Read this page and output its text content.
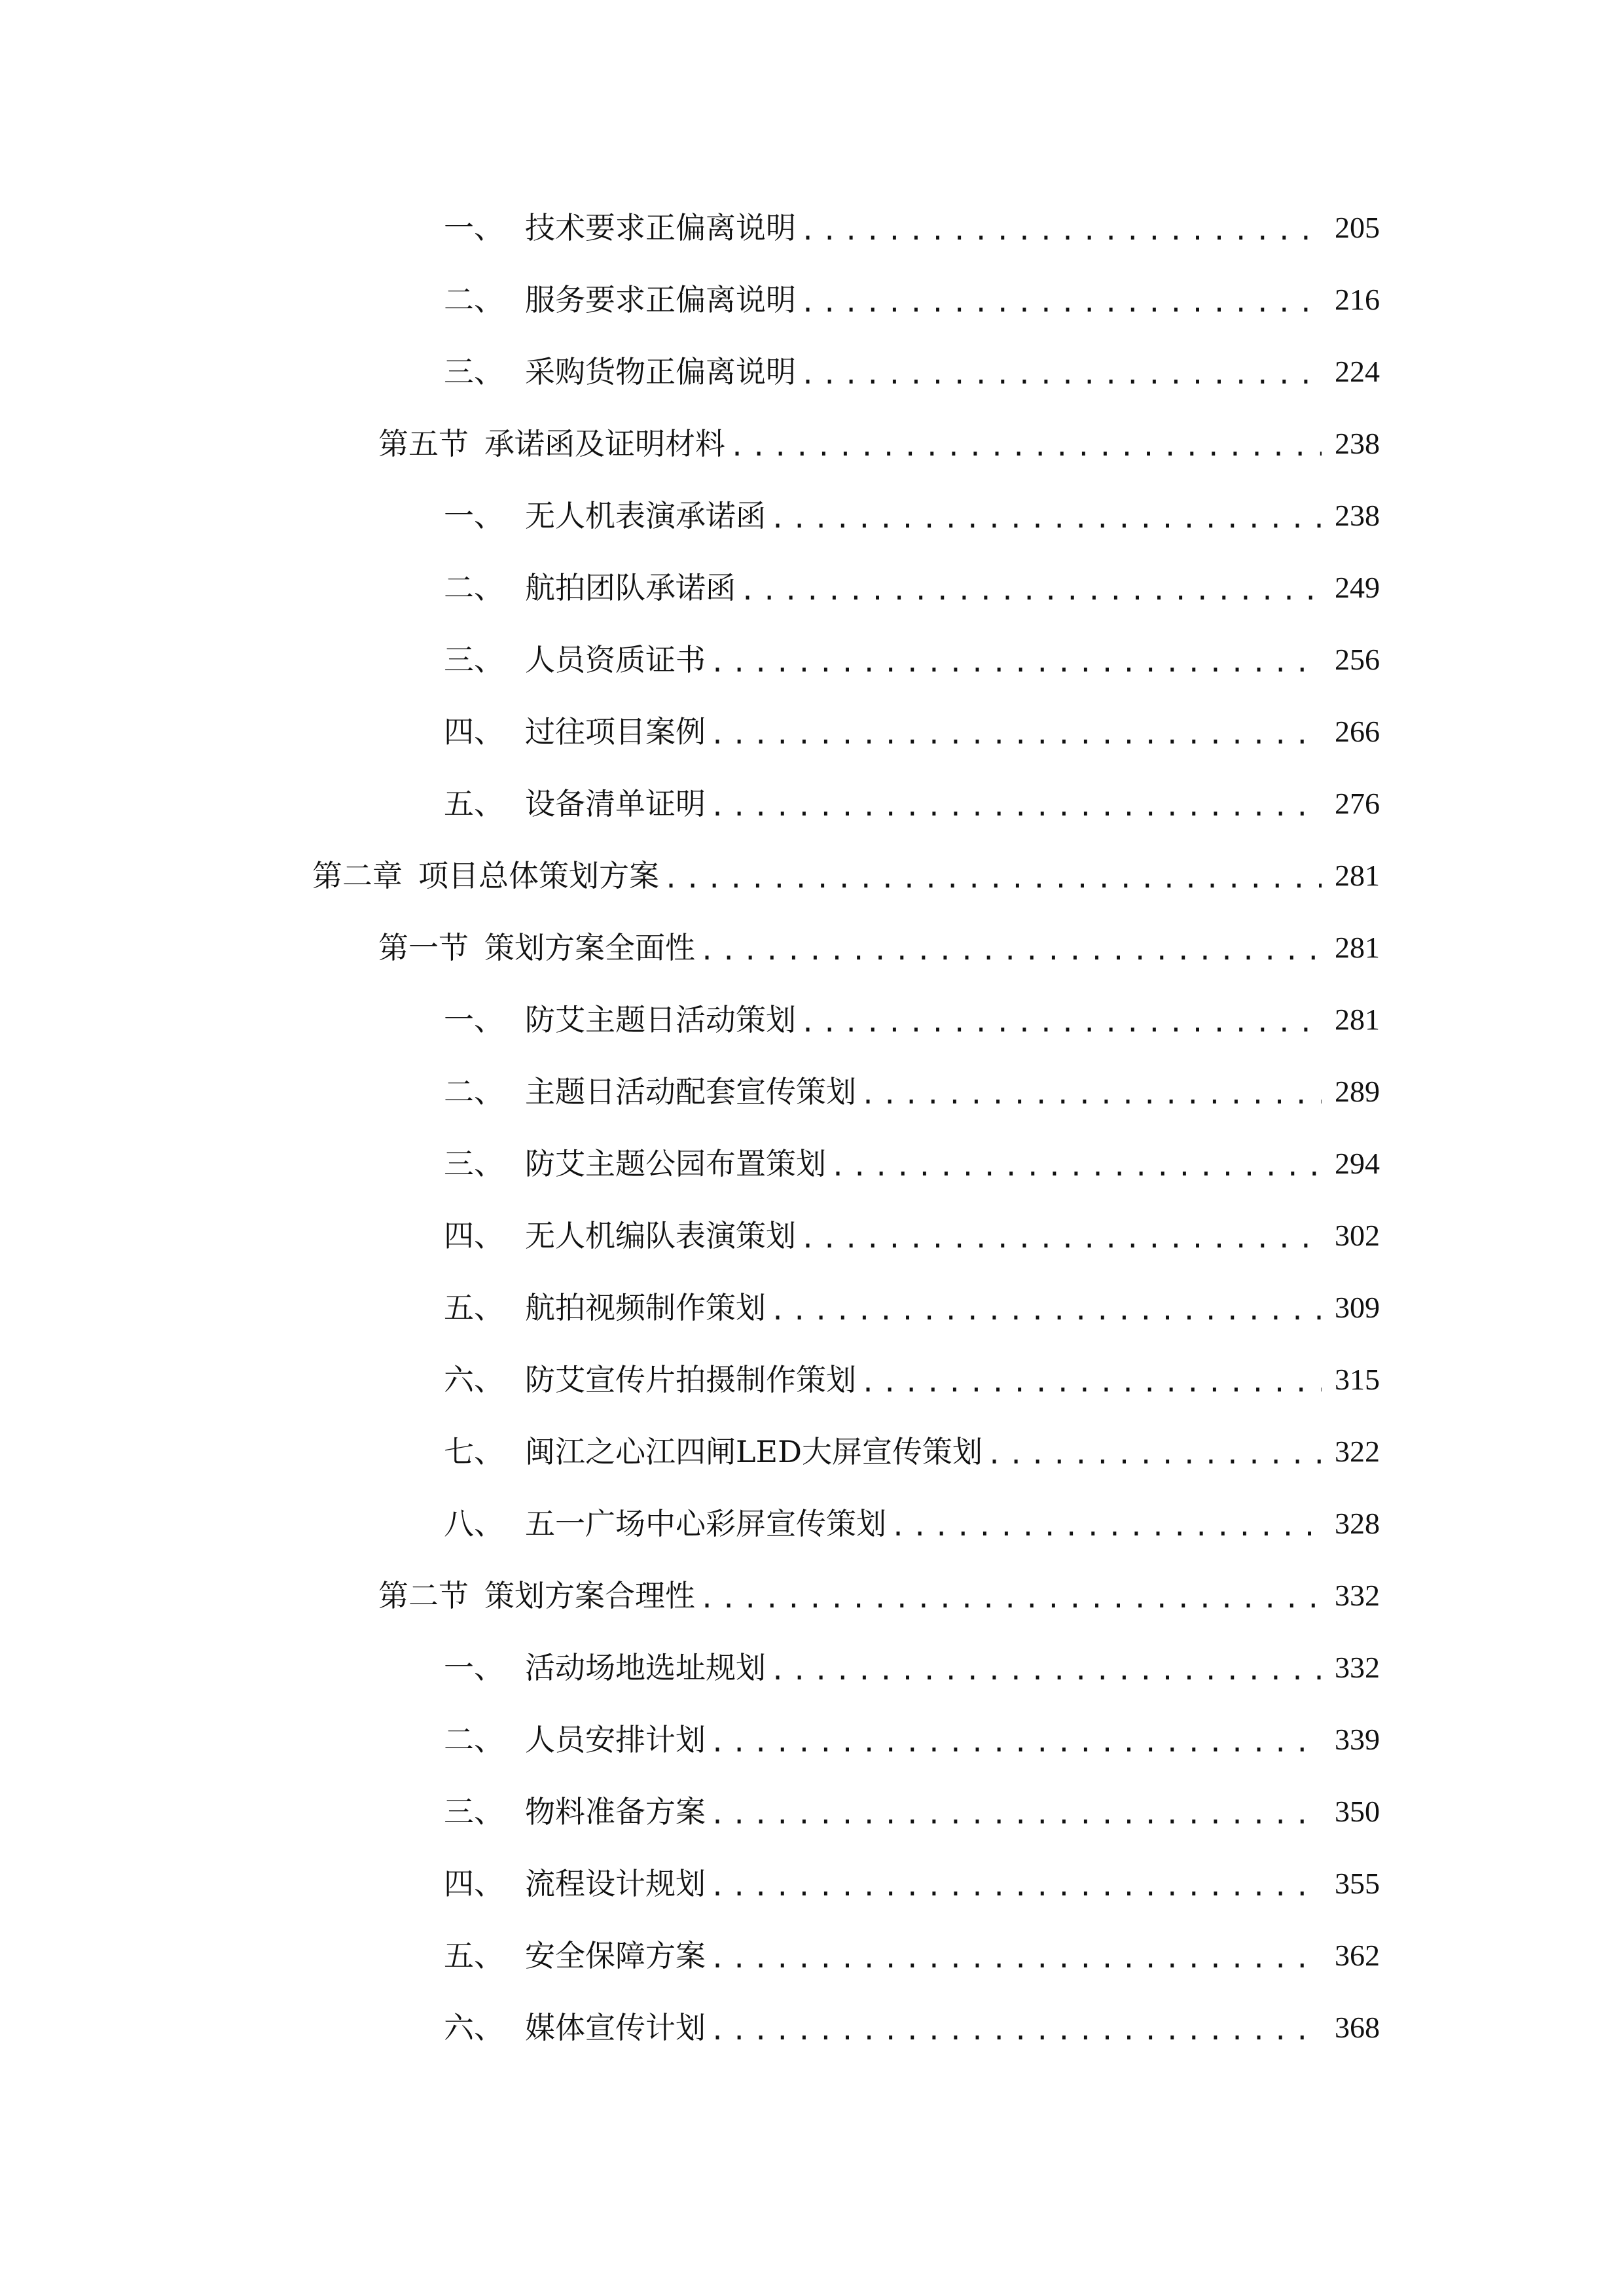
一、 技术要求正偏离说明 .....	205
二、 服务要求正偏离说明 .....	216
三、 采购货物正偏离说明 .....	224
第五节 承诺函及证明材料 .....	238
一、 无人机表演承诺函 .....	238
二、 航拍团队承诺函 .....	249
三、 人员资质证书 .....	256
四、 过往项目案例 .....	266
五、 设备清单证明 .....	276
第二章 项目总体策划方案 .....	281
第一节 策划方案全面性 .....	281
一、 防艾主题日活动策划 .....	281
二、 主题日活动配套宣传策划 .....	289
三、 防艾主题公园布置策划 .....	294
四、 无人机编队表演策划 .....	302
五、 航拍视频制作策划 .....	309
六、 防艾宣传片拍摄制作策划 .....	315
七、 闽江之心江四闸LED大屏宣传策划 .....	322
八、 五一广场中心彩屏宣传策划 .....	328
第二节 策划方案合理性 .....	332
一、 活动场地选址规划 .....	332
二、 人员安排计划 .....	339
三、 物料准备方案 .....	350
四、 流程设计规划 .....	355
五、 安全保障方案 .....	362
六、 媒体宣传计划 .....	368
